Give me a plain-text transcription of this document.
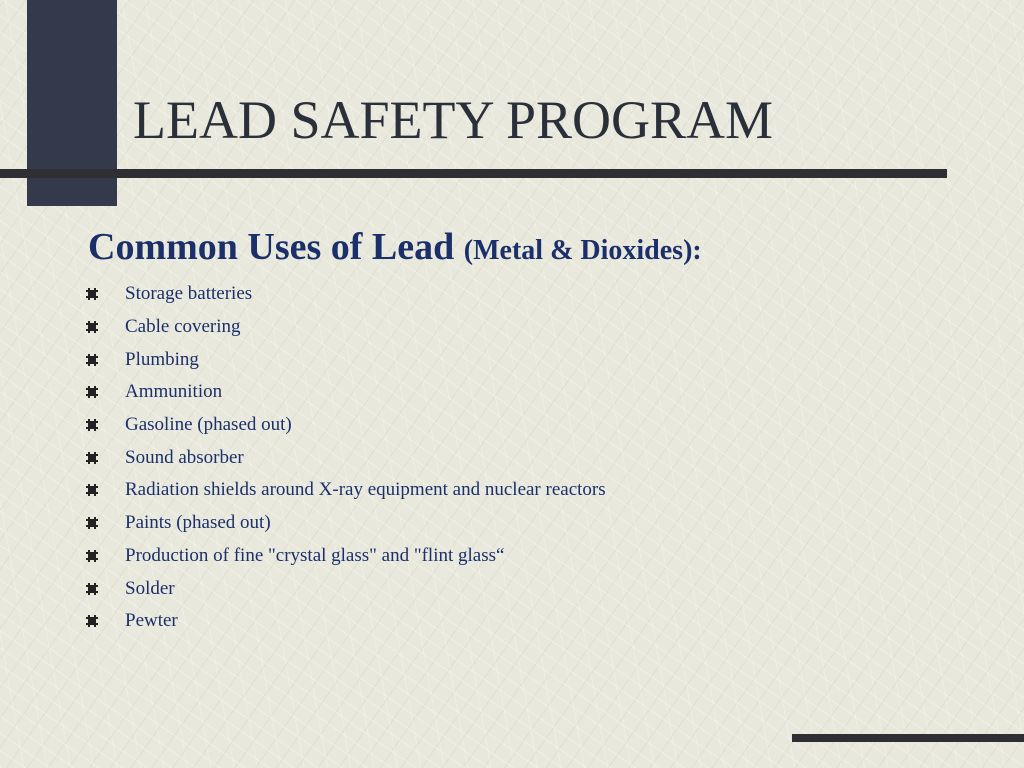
LEAD SAFETY PROGRAM
Common Uses of Lead (Metal & Dioxides):
Storage batteries
Cable covering
Plumbing
Ammunition
Gasoline (phased out)
Sound absorber
Radiation shields around X-ray equipment and nuclear reactors
Paints (phased out)
Production of fine "crystal glass" and "flint glass“
Solder
Pewter
